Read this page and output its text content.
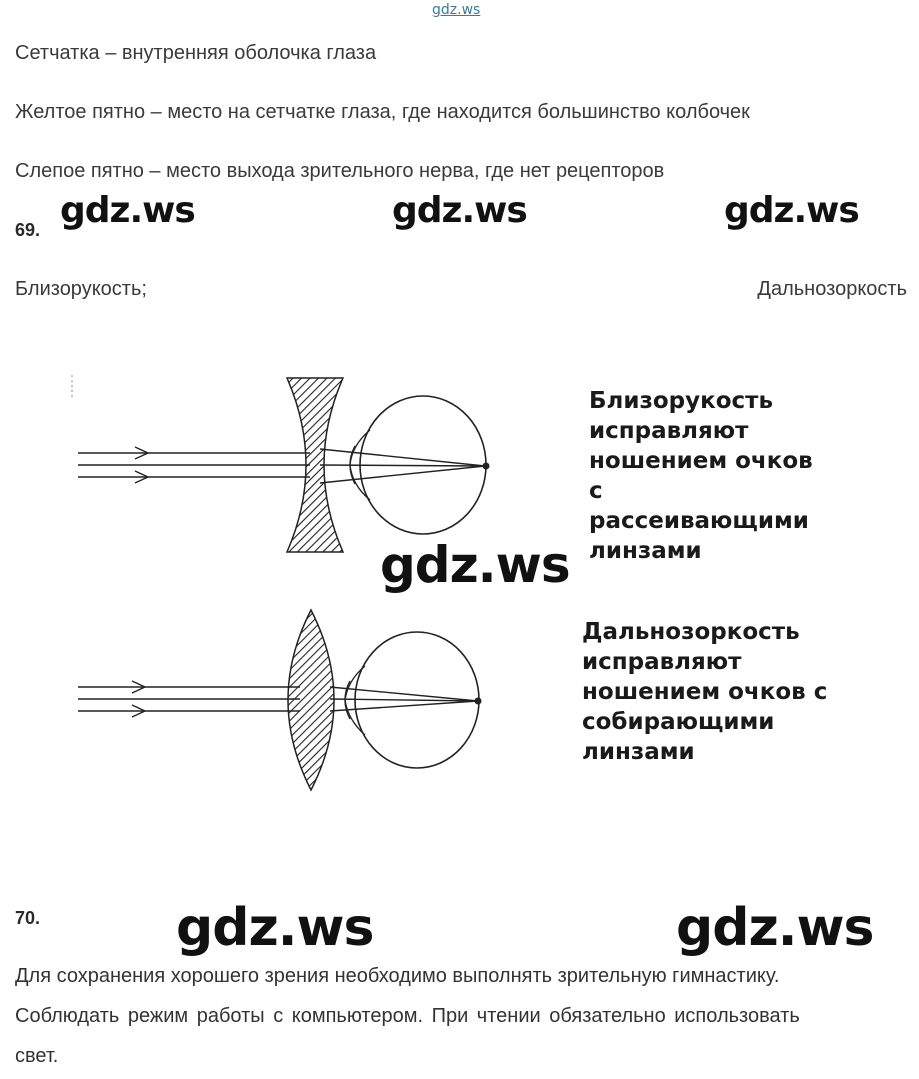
gdz.ws
Сетчатка – внутренняя оболочка глаза
Желтое пятно – место на сетчатке глаза, где находится большинство колбочек
Слепое пятно – место выхода зрительного нерва, где нет рецепторов
69. gdz.ws	gdz.ws	gdz.ws
Близорукость;	Дальнозоркость
Близорукость
исправляют
ношением очков
с
рассеивающими
линзами
Дальнозоркость
исправляют
ношением очков с
собирающими
линзами
gdz.ws
70.	gdz.ws	gdz.ws
Для сохранения хорошего зрения необходимо выполнять зрительную гимнастику.
Соблюдать режим работы с компьютером. При чтении обязательно использовать
свет.
